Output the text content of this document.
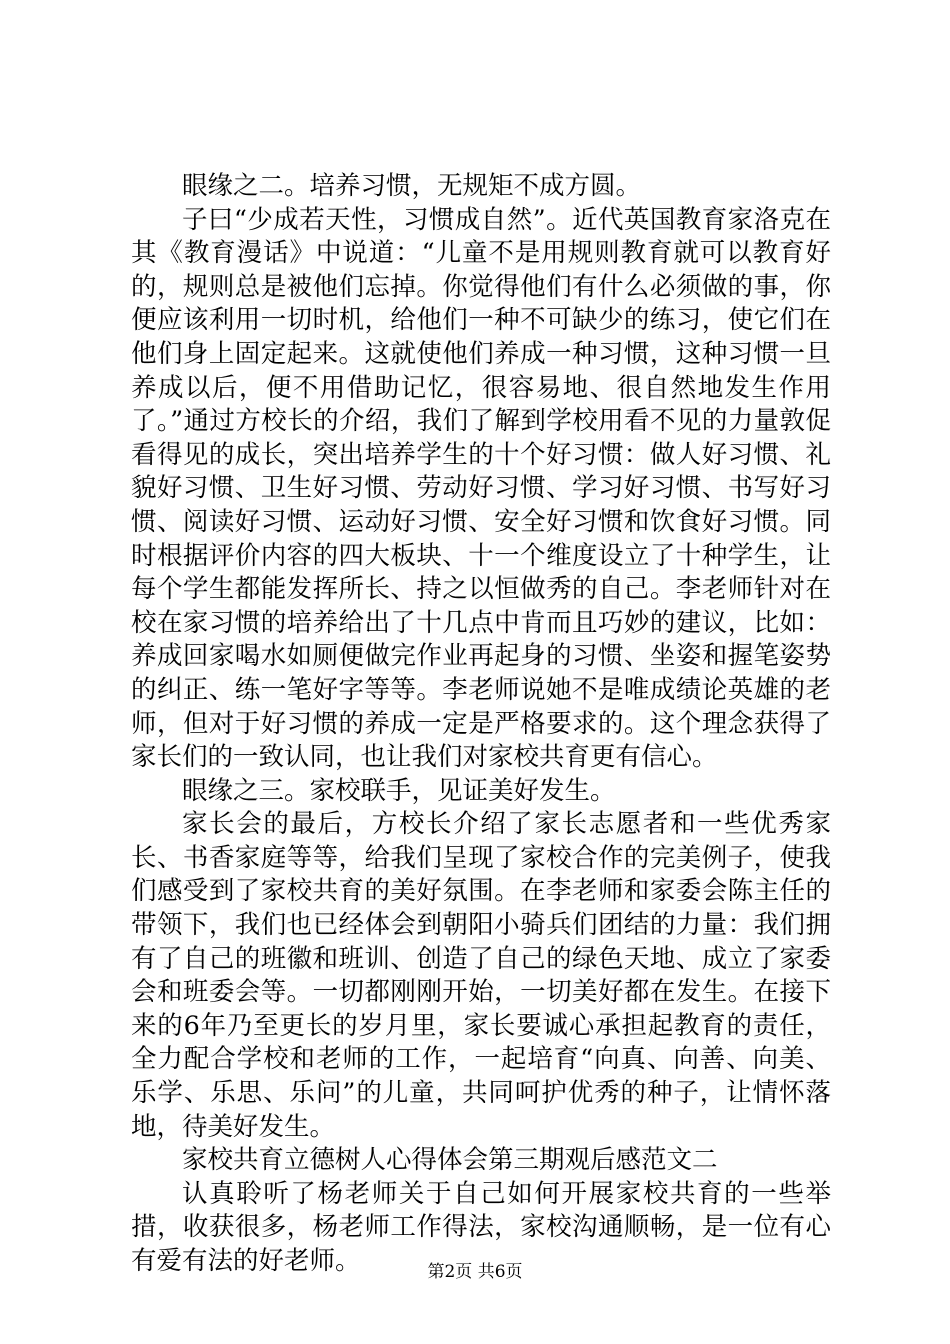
眼缘之二。培养习惯，无规矩不成方圆。

子曰“少成若天性，习惯成自然”。近代英国教育家洛克在其《教育漫话》中说道：“儿童不是用规则教育就可以教育好的，规则总是被他们忘掉。你觉得他们有什么必须做的事，你便应该利用一切时机，给他们一种不可缺少的练习，使它们在他们身上固定起来。这就使他们养成一种习惯，这种习惯一旦养成以后，便不用借助记忆，很容易地、很自然地发生作用了。”通过方校长的介绍，我们了解到学校用看不见的力量敦促看得见的成长，突出培养学生的十个好习惯：做人好习惯、礼貌好习惯、卫生好习惯、劳动好习惯、学习好习惯、书写好习惯、阅读好习惯、运动好习惯、安全好习惯和饮食好习惯。同时根据评价内容的四大板块、十一个维度设立了十种学生，让每个学生都能发挥所长、持之以恒做秀的自己。李老师针对在校在家习惯的培养给出了十几点中肯而且巧妙的建议，比如：养成回家喝水如厕便做完作业再起身的习惯、坐姿和握笔姿势的纠正、练一笔好字等等。李老师说她不是唯成绩论英雄的老师，但对于好习惯的养成一定是严格要求的。这个理念获得了家长们的一致认同，也让我们对家校共育更有信心。

眼缘之三。家校联手，见证美好发生。

家长会的最后，方校长介绍了家长志愿者和一些优秀家长、书香家庭等等，给我们呈现了家校合作的完美例子，使我们感受到了家校共育的美好氛围。在李老师和家委会陈主任的带领下，我们也已经体会到朝阳小骑兵们团结的力量：我们拥有了自己的班徽和班训、创造了自己的绿色天地、成立了家委会和班委会等。一切都刚刚开始，一切美好都在发生。在接下来的6年乃至更长的岁月里，家长要诚心承担起教育的责任，全力配合学校和老师的工作，一起培育“向真、向善、向美、乐学、乐思、乐问”的儿童，共同呵护优秀的种子，让情怀落地，待美好发生。

家校共育立德树人心得体会第三期观后感范文二

认真聆听了杨老师关于自己如何开展家校共育的一些举措，收获很多，杨老师工作得法，家校沟通顺畅，是一位有心有爱有法的好老师。	第2页 共6页
